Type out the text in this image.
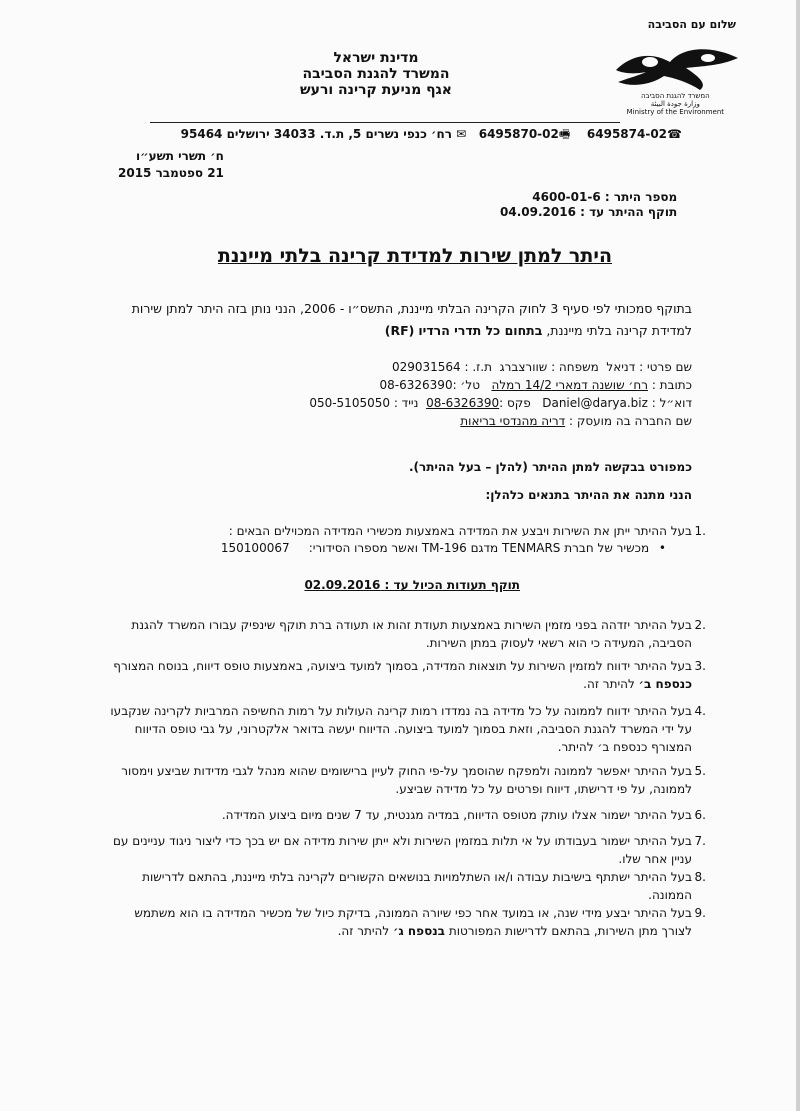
מדינת ישראל
המשרד להגנת הסביבה
אגף מניעת קרינה ורעש
שלום עם הסביבה
המשרד להגנת הסביבה
وزارة جودة البيئة
Ministry of the Environment
☎6495874-02    🖷6495870-02   ✉ רח׳ כנפי נשרים 5, ת.ד. 34033 ירושלים 95464
ח׳ תשרי תשע״ו
21 ספטמבר 2015
מספר היתר : 4600-01-6
תוקף ההיתר עד : 04.09.2016
היתר למתן שירות למדידת קרינה בלתי מייננת
בתוקף סמכותי לפי סעיף 3 לחוק הקרינה הבלתי מייננת, התשס״ו - 2006, הנני נותן בזה היתר למתן שירות למדידת קרינה בלתי מייננת, בתחום כל תדרי הרדיו (RF)
שם פרטי : דניאל  משפחה : שוורצברג  ת.ז. : 029031564
כתובת : רח׳ שושנה דמארי 14/2 רמלה   טל׳ :08-6326390
דוא״ל : Daniel@darya.biz   פקס :08-6326390  נייד : 050-5105050
שם החברה בה מועסק : דריה מהנדסי בריאות
כמפורט בבקשה למתן ההיתר (להלן – בעל ההיתר).
הנני מתנה את ההיתר בתנאים כלהלן:
1.
בעל ההיתר ייתן את השירות ויבצע את המדידה באמצעות מכשירי המדידה המכוילים הבאים :
• מכשיר של חברת TENMARS מדגם TM-196 ואשר מספרו הסידורי:     150100067
תוקף תעודות הכיול עד : 02.09.2016
2.
בעל ההיתר יזדהה בפני מזמין השירות באמצעות תעודת זהות או תעודה ברת תוקף שינפיק עבורו המשרד להגנת הסביבה, המעידה כי הוא רשאי לעסוק במתן השירות.
3.
בעל ההיתר ידווח למזמין השירות על תוצאות המדידה, בסמוך למועד ביצועה, באמצעות טופס דיווח, בנוסח המצורף כנספח ב׳ להיתר זה.
4.
בעל ההיתר ידווח לממונה על כל מדידה בה נמדדו רמות קרינה העולות על רמות החשיפה המרביות לקרינה שנקבעו על ידי המשרד להגנת הסביבה, וזאת בסמוך למועד ביצועה. הדיווח יעשה בדואר אלקטרוני, על גבי טופס הדיווח המצורף כנספח ב׳ להיתר.
5.
בעל ההיתר יאפשר לממונה ולמפקח שהוסמך על-פי החוק לעיין ברישומים שהוא מנהל לגבי מדידות שביצע וימסור לממונה, על פי דרישתו, דיווח ופרטים על כל מדידה שביצע.
6.
בעל ההיתר ישמור אצלו עותק מטופס הדיווח, במדיה מגנטית, עד 7 שנים מיום ביצוע המדידה.
7.
בעל ההיתר ישמור בעבודתו על אי תלות במזמין השירות ולא ייתן שירות מדידה אם יש בכך כדי ליצור ניגוד עניינים עם עניין אחר שלו.
8.
בעל ההיתר ישתתף בישיבות עבודה ו/או השתלמויות בנושאים הקשורים לקרינה בלתי מייננת, בהתאם לדרישות הממונה.
9.
בעל ההיתר יבצע מידי שנה, או במועד אחר כפי שיורה הממונה, בדיקת כיול של מכשיר המדידה בו הוא משתמש לצורך מתן השירות, בהתאם לדרישות המפורטות בנספח ג׳ להיתר זה.
